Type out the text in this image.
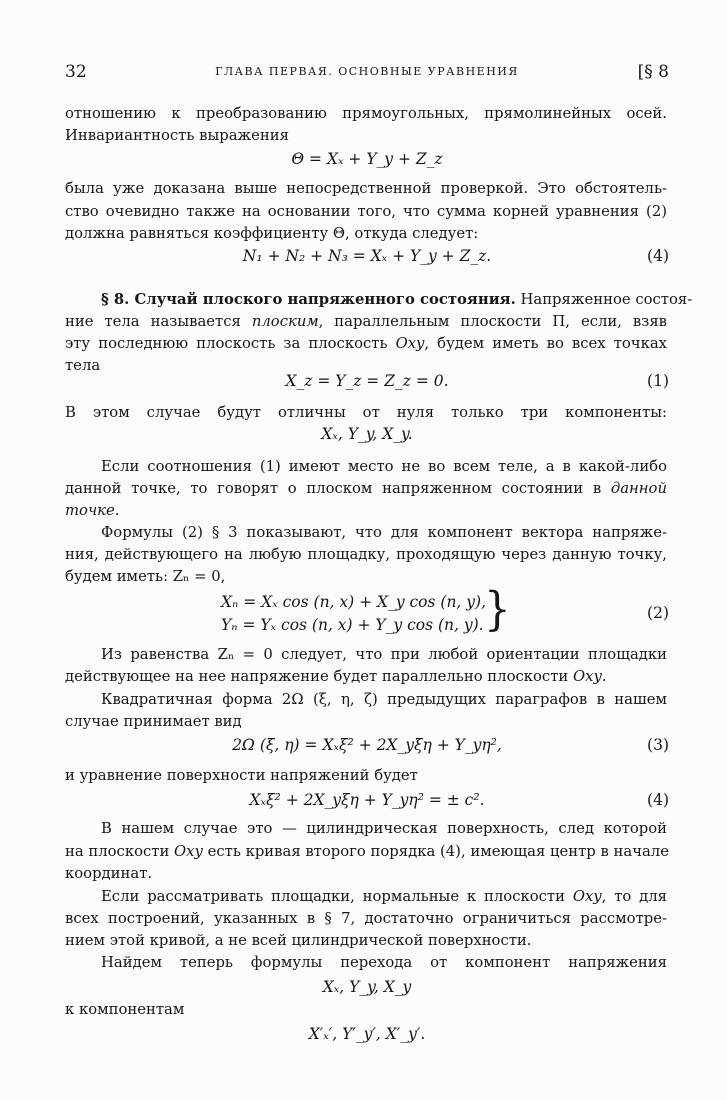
32	ГЛАВА ПЕРВАЯ. ОСНОВНЫЕ УРАВНЕНИЯ	[§ 8
отношению к преобразованию прямоугольных, прямолинейных осей.
Инвариантность выражения
Θ = Xₓ + Y_y + Z_z
была уже доказана выше непосредственной проверкой. Это обстоятель-
ство очевидно также на основании того, что сумма корней уравнения (2)
должна равняться коэффициенту Θ, откуда следует:
N₁ + N₂ + N₃ = Xₓ + Y_y + Z_z.	(4)
§ 8. Случай плоского напряженного состояния. Напряженное состоя-
ние тела называется плоским, параллельным плоскости П, если, взяв
эту последнюю плоскость за плоскость Oxy, будем иметь во всех точках
тела
X_z = Y_z = Z_z = 0.	(1)
В этом случае будут отличны от нуля только три компоненты:
Xₓ, Y_y, X_y.
Если соотношения (1) имеют место не во всем теле, а в какой-либо
данной точке, то говорят о плоском напряженном состоянии в данной
точке.
Формулы (2) § 3 показывают, что для компонент вектора напряже-
ния, действующего на любую площадку, проходящую через данную точку,
будем иметь: Zₙ = 0,
Xₙ = Xₓ cos (n, x) + X_y cos (n, y),
Yₙ = Yₓ cos (n, x) + Y_y cos (n, y). }	(2)
Из равенства Zₙ = 0 следует, что при любой ориентации площадки
действующее на нее напряжение будет параллельно плоскости Oxy.
Квадратичная форма 2Ω (ξ, η, ζ) предыдущих параграфов в нашем
случае принимает вид
2Ω (ξ, η) = Xₓξ² + 2X_yξη + Y_yη²,	(3)
и уравнение поверхности напряжений будет
Xₓξ² + 2X_yξη + Y_yη² = ± c².	(4)
В нашем случае это — цилиндрическая поверхность, след которой
на плоскости Oxy есть кривая второго порядка (4), имеющая центр в начале
координат.
Если рассматривать площадки, нормальные к плоскости Oxy, то для
всех построений, указанных в § 7, достаточно ограничиться рассмотре-
нием этой кривой, а не всей цилиндрической поверхности.
Найдем теперь формулы перехода от компонент напряжения
Xₓ, Y_y, X_y
к компонентам
X′ₓ′, Y′_y′, X′_y′.
